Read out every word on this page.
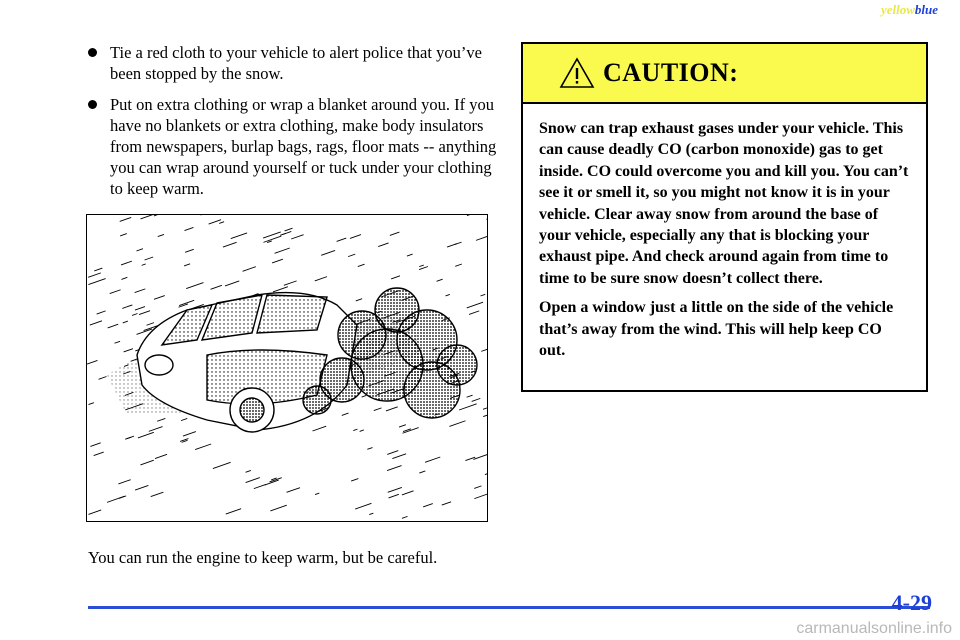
yellowblue
Tie a red cloth to your vehicle to alert police that you’ve been stopped by the snow.
Put on extra clothing or wrap a blanket around you. If you have no blankets or extra clothing, make body insulators from newspapers, burlap bags, rags, floor mats -- anything you can wrap around yourself or tuck under your clothing to keep warm.
You can run the engine to keep warm, but be careful.
CAUTION:

Snow can trap exhaust gases under your vehicle. This can cause deadly CO (carbon monoxide) gas to get inside. CO could overcome you and kill you. You can’t see it or smell it, so you might not know it is in your vehicle. Clear away snow from around the base of your vehicle, especially any that is blocking your exhaust pipe. And check around again from time to time to be sure snow doesn’t collect there.

Open a window just a little on the side of the vehicle that’s away from the wind. This will help keep CO out.

4-29
carmanualsonline.info
